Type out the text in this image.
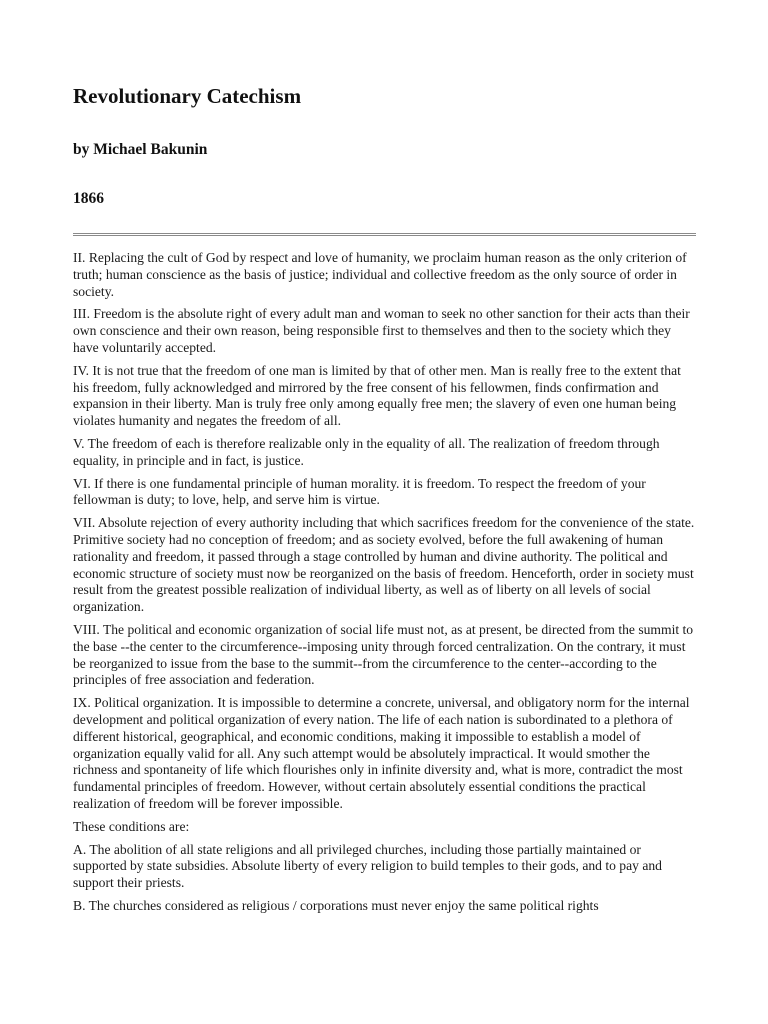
Revolutionary Catechism
by Michael Bakunin
1866

II. Replacing the cult of God by respect and love of humanity, we proclaim human reason as the only criterion of truth; human conscience as the basis of justice; individual and collective freedom as the only source of order in society.

III. Freedom is the absolute right of every adult man and woman to seek no other sanction for their acts than their own conscience and their own reason, being responsible first to themselves and then to the society which they have voluntarily accepted.

IV. It is not true that the freedom of one man is limited by that of other men. Man is really free to the extent that his freedom, fully acknowledged and mirrored by the free consent of his fellowmen, finds confirmation and expansion in their liberty. Man is truly free only among equally free men; the slavery of even one human being violates humanity and negates the freedom of all.

V. The freedom of each is therefore realizable only in the equality of all. The realization of freedom through equality, in principle and in fact, is justice.

VI. If there is one fundamental principle of human morality. it is freedom. To respect the freedom of your fellowman is duty; to love, help, and serve him is virtue.

VII. Absolute rejection of every authority including that which sacrifices freedom for the convenience of the state. Primitive society had no conception of freedom; and as society evolved, before the full awakening of human rationality and freedom, it passed through a stage controlled by human and divine authority. The political and economic structure of society must now be reorganized on the basis of freedom. Henceforth, order in society must result from the greatest possible realization of individual liberty, as well as of liberty on all levels of social organization.

VIII. The political and economic organization of social life must not, as at present, be directed from the summit to the base --the center to the circumference--imposing unity through forced centralization. On the contrary, it must be reorganized to issue from the base to the summit--from the circumference to the center--according to the principles of free association and federation.

IX. Political organization. It is impossible to determine a concrete, universal, and obligatory norm for the internal development and political organization of every nation. The life of each nation is subordinated to a plethora of different historical, geographical, and economic conditions, making it impossible to establish a model of organization equally valid for all. Any such attempt would be absolutely impractical. It would smother the richness and spontaneity of life which flourishes only in infinite diversity and, what is more, contradict the most fundamental principles of freedom. However, without certain absolutely essential conditions the practical realization of freedom will be forever impossible.

These conditions are:

A. The abolition of all state religions and all privileged churches, including those partially maintained or supported by state subsidies. Absolute liberty of every religion to build temples to their gods, and to pay and support their priests.

B. The churches considered as religious / corporations must never enjoy the same political rights
